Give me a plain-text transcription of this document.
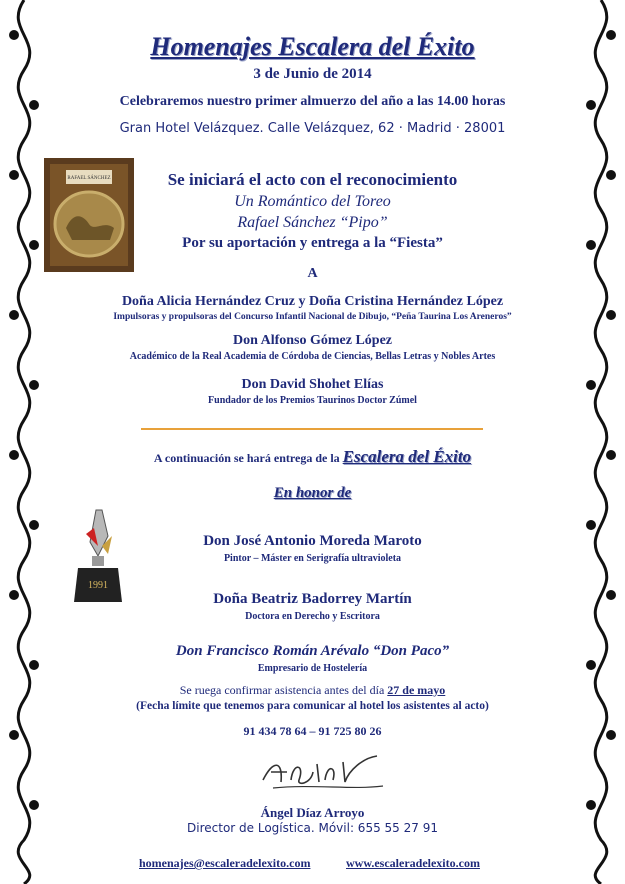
Homenajes Escalera del Éxito
3 de Junio de 2014
Celebraremos nuestro primer almuerzo del año a las 14.00 horas
Gran Hotel Velázquez. Calle Velázquez, 62 · Madrid · 28001
RAFAEL SÁNCHEZ	Se iniciará el acto con el reconocimiento
Un Romántico del Toreo
Rafael Sánchez “Pipo”
Por su aportación y entrega a la “Fiesta”
A
Doña Alicia Hernández Cruz y Doña Cristina Hernández López
Impulsoras y propulsoras del Concurso Infantil Nacional de Dibujo, “Peña Taurina Los Areneros”
Don Alfonso Gómez López
Académico de la Real Academia de Córdoba de Ciencias, Bellas Letras y Nobles Artes
Don David Shohet Elías
Fundador de los Premios Taurinos Doctor Zúmel
A continuación se hará entrega de la Escalera del Éxito
En honor de
1991
Don José Antonio Moreda Maroto
Pintor – Máster en Serigrafía ultravioleta
Doña Beatriz Badorrey Martín
Doctora en Derecho y Escritora
Don Francisco Román Arévalo “Don Paco”
Empresario de Hostelería
Se ruega confirmar asistencia antes del día 27 de mayo
(Fecha límite que tenemos para comunicar al hotel los asistentes al acto)
91 434 78 64 – 91 725 80 26
Ángel Díaz Arroyo
Director de Logística. Móvil: 655 55 27 91
homenajes@escaleradelexito.com	www.escaleradelexito.com
